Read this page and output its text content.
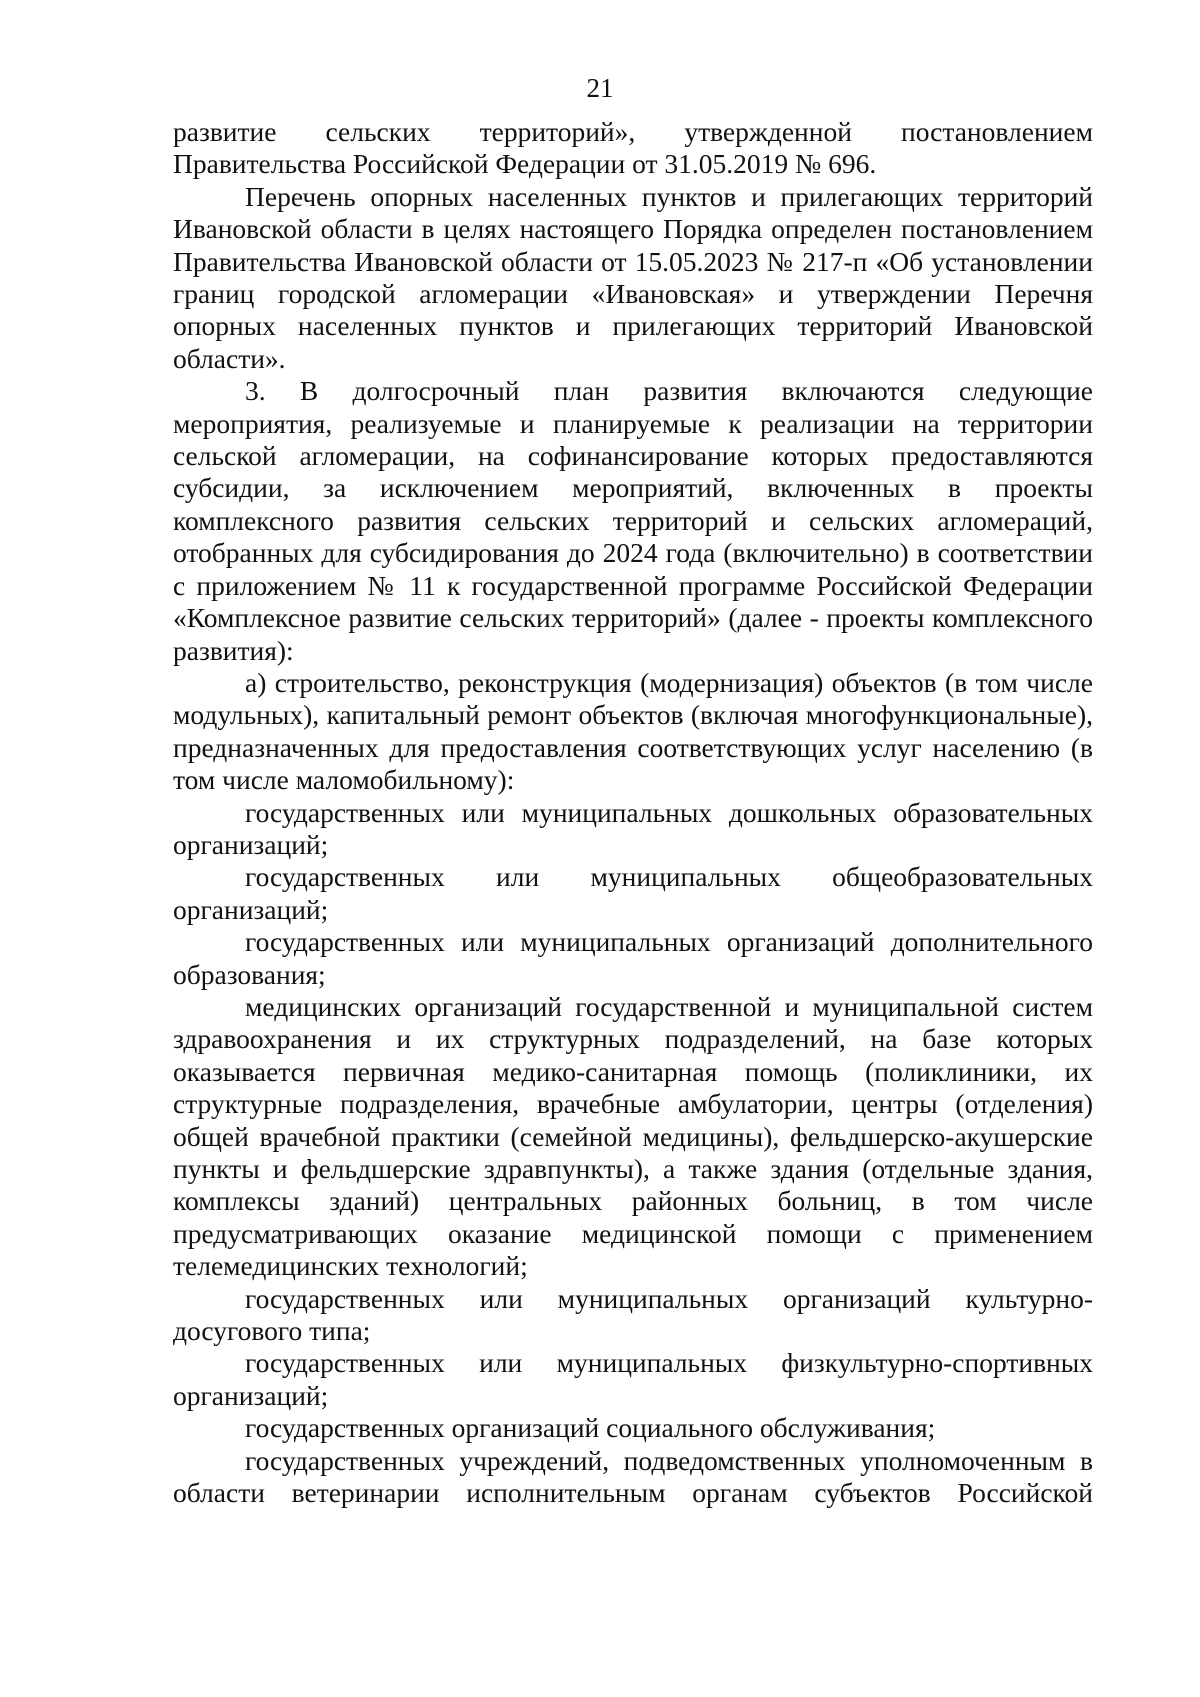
21

развитие сельских территорий», утвержденной постановлением Правительства Российской Федерации от 31.05.2019 № 696.

Перечень опорных населенных пунктов и прилегающих территорий Ивановской области в целях настоящего Порядка определен постановлением Правительства Ивановской области от 15.05.2023 № 217-п «Об установлении границ городской агломерации «Ивановская» и утверждении Перечня опорных населенных пунктов и прилегающих территорий Ивановской области».

3. В долгосрочный план развития включаются следующие мероприятия, реализуемые и планируемые к реализации на территории сельской агломерации, на софинансирование которых предоставляются субсидии, за исключением мероприятий, включенных в проекты комплексного развития сельских территорий и сельских агломераций, отобранных для субсидирования до 2024 года (включительно) в соответствии с приложением № 11 к государственной программе Российской Федерации «Комплексное развитие сельских территорий» (далее - проекты комплексного развития):

а) строительство, реконструкция (модернизация) объектов (в том числе модульных), капитальный ремонт объектов (включая многофункциональные), предназначенных для предоставления соответствующих услуг населению (в том числе маломобильному):

государственных или муниципальных дошкольных образовательных организаций;

государственных или муниципальных общеобразовательных организаций;

государственных или муниципальных организаций дополнительного образования;

медицинских организаций государственной и муниципальной систем здравоохранения и их структурных подразделений, на базе которых оказывается первичная медико-санитарная помощь (поликлиники, их структурные подразделения, врачебные амбулатории, центры (отделения) общей врачебной практики (семейной медицины), фельдшерско-акушерские пункты и фельдшерские здравпункты), а также здания (отдельные здания, комплексы зданий) центральных районных больниц, в том числе предусматривающих оказание медицинской помощи с применением телемедицинских технологий;

государственных или муниципальных организаций культурно-досугового типа;

государственных или муниципальных физкультурно-спортивных организаций;

государственных организаций социального обслуживания;

государственных учреждений, подведомственных уполномоченным в области ветеринарии исполнительным органам субъектов Российской
